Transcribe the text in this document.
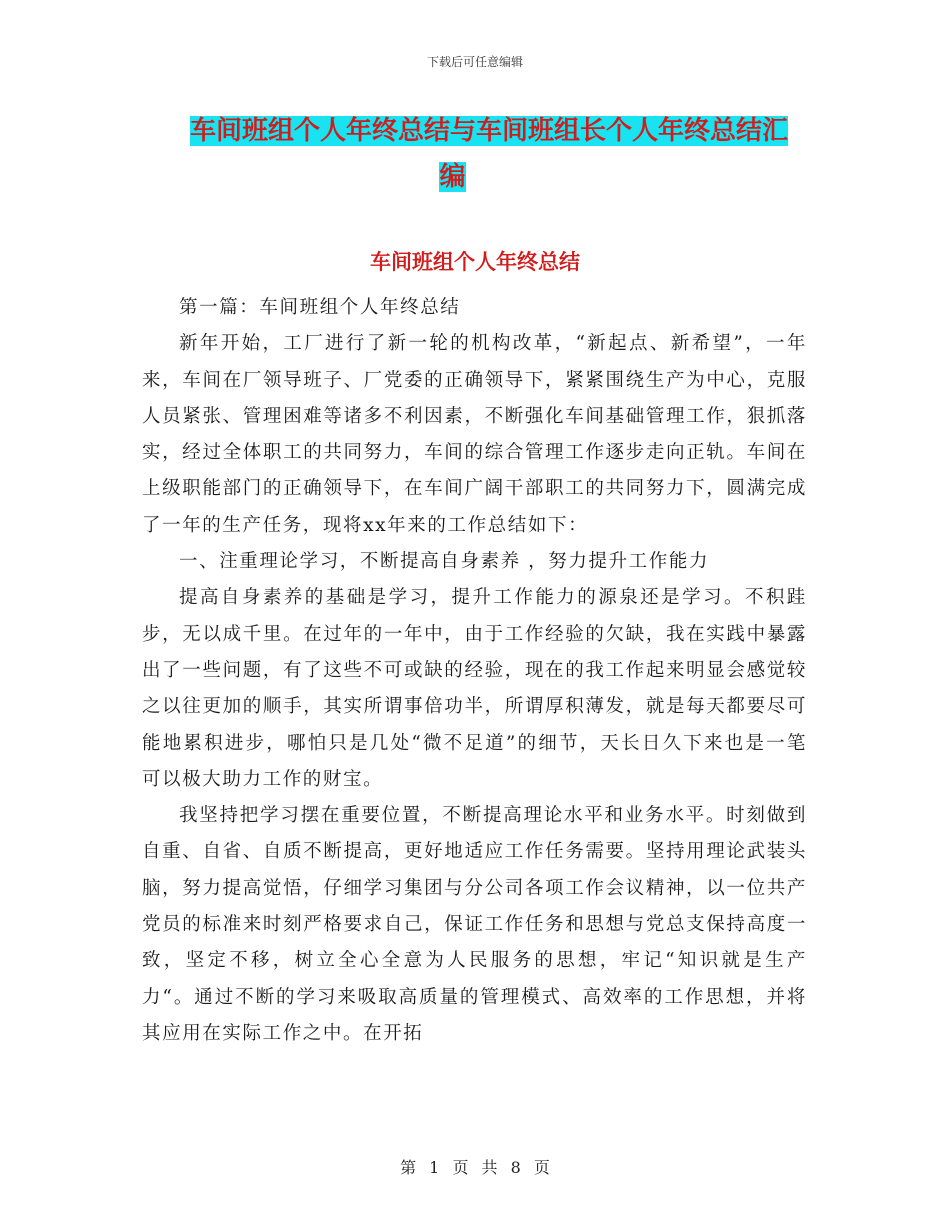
下载后可任意编辑
车间班组个人年终总结与车间班组长个人年终总结汇
编
车间班组个人年终总结

第一篇：车间班组个人年终总结

新年开始，工厂进行了新一轮的机构改革，“新起点、新希望”，一年来，车间在厂领导班子、厂党委的正确领导下，紧紧围绕生产为中心，克服人员紧张、管理困难等诸多不利因素，不断强化车间基础管理工作，狠抓落实，经过全体职工的共同努力，车间的综合管理工作逐步走向正轨。车间在上级职能部门的正确领导下，在车间广阔干部职工的共同努力下，圆满完成了一年的生产任务，现将xx年来的工作总结如下：

一、注重理论学习，不断提高自身素养 ，努力提升工作能力

提高自身素养的基础是学习，提升工作能力的源泉还是学习。不积跬步，无以成千里。在过年的一年中，由于工作经验的欠缺，我在实践中暴露出了一些问题，有了这些不可或缺的经验，现在的我工作起来明显会感觉较之以往更加的顺手，其实所谓事倍功半，所谓厚积薄发，就是每天都要尽可能地累积进步，哪怕只是几处“微不足道”的细节，天长日久下来也是一笔可以极大助力工作的财宝。

我坚持把学习摆在重要位置，不断提高理论水平和业务水平。时刻做到自重、自省、自质不断提高，更好地适应工作任务需要。坚持用理论武装头脑，努力提高觉悟，仔细学习集团与分公司各项工作会议精神，以一位共产党员的标准来时刻严格要求自己，保证工作任务和思想与党总支保持高度一致，坚定不移，树立全心全意为人民服务的思想，牢记“知识就是生产力“。通过不断的学习来吸取高质量的管理模式、高效率的工作思想，并将其应用在实际工作之中。在开拓

第 1 页 共 8 页
